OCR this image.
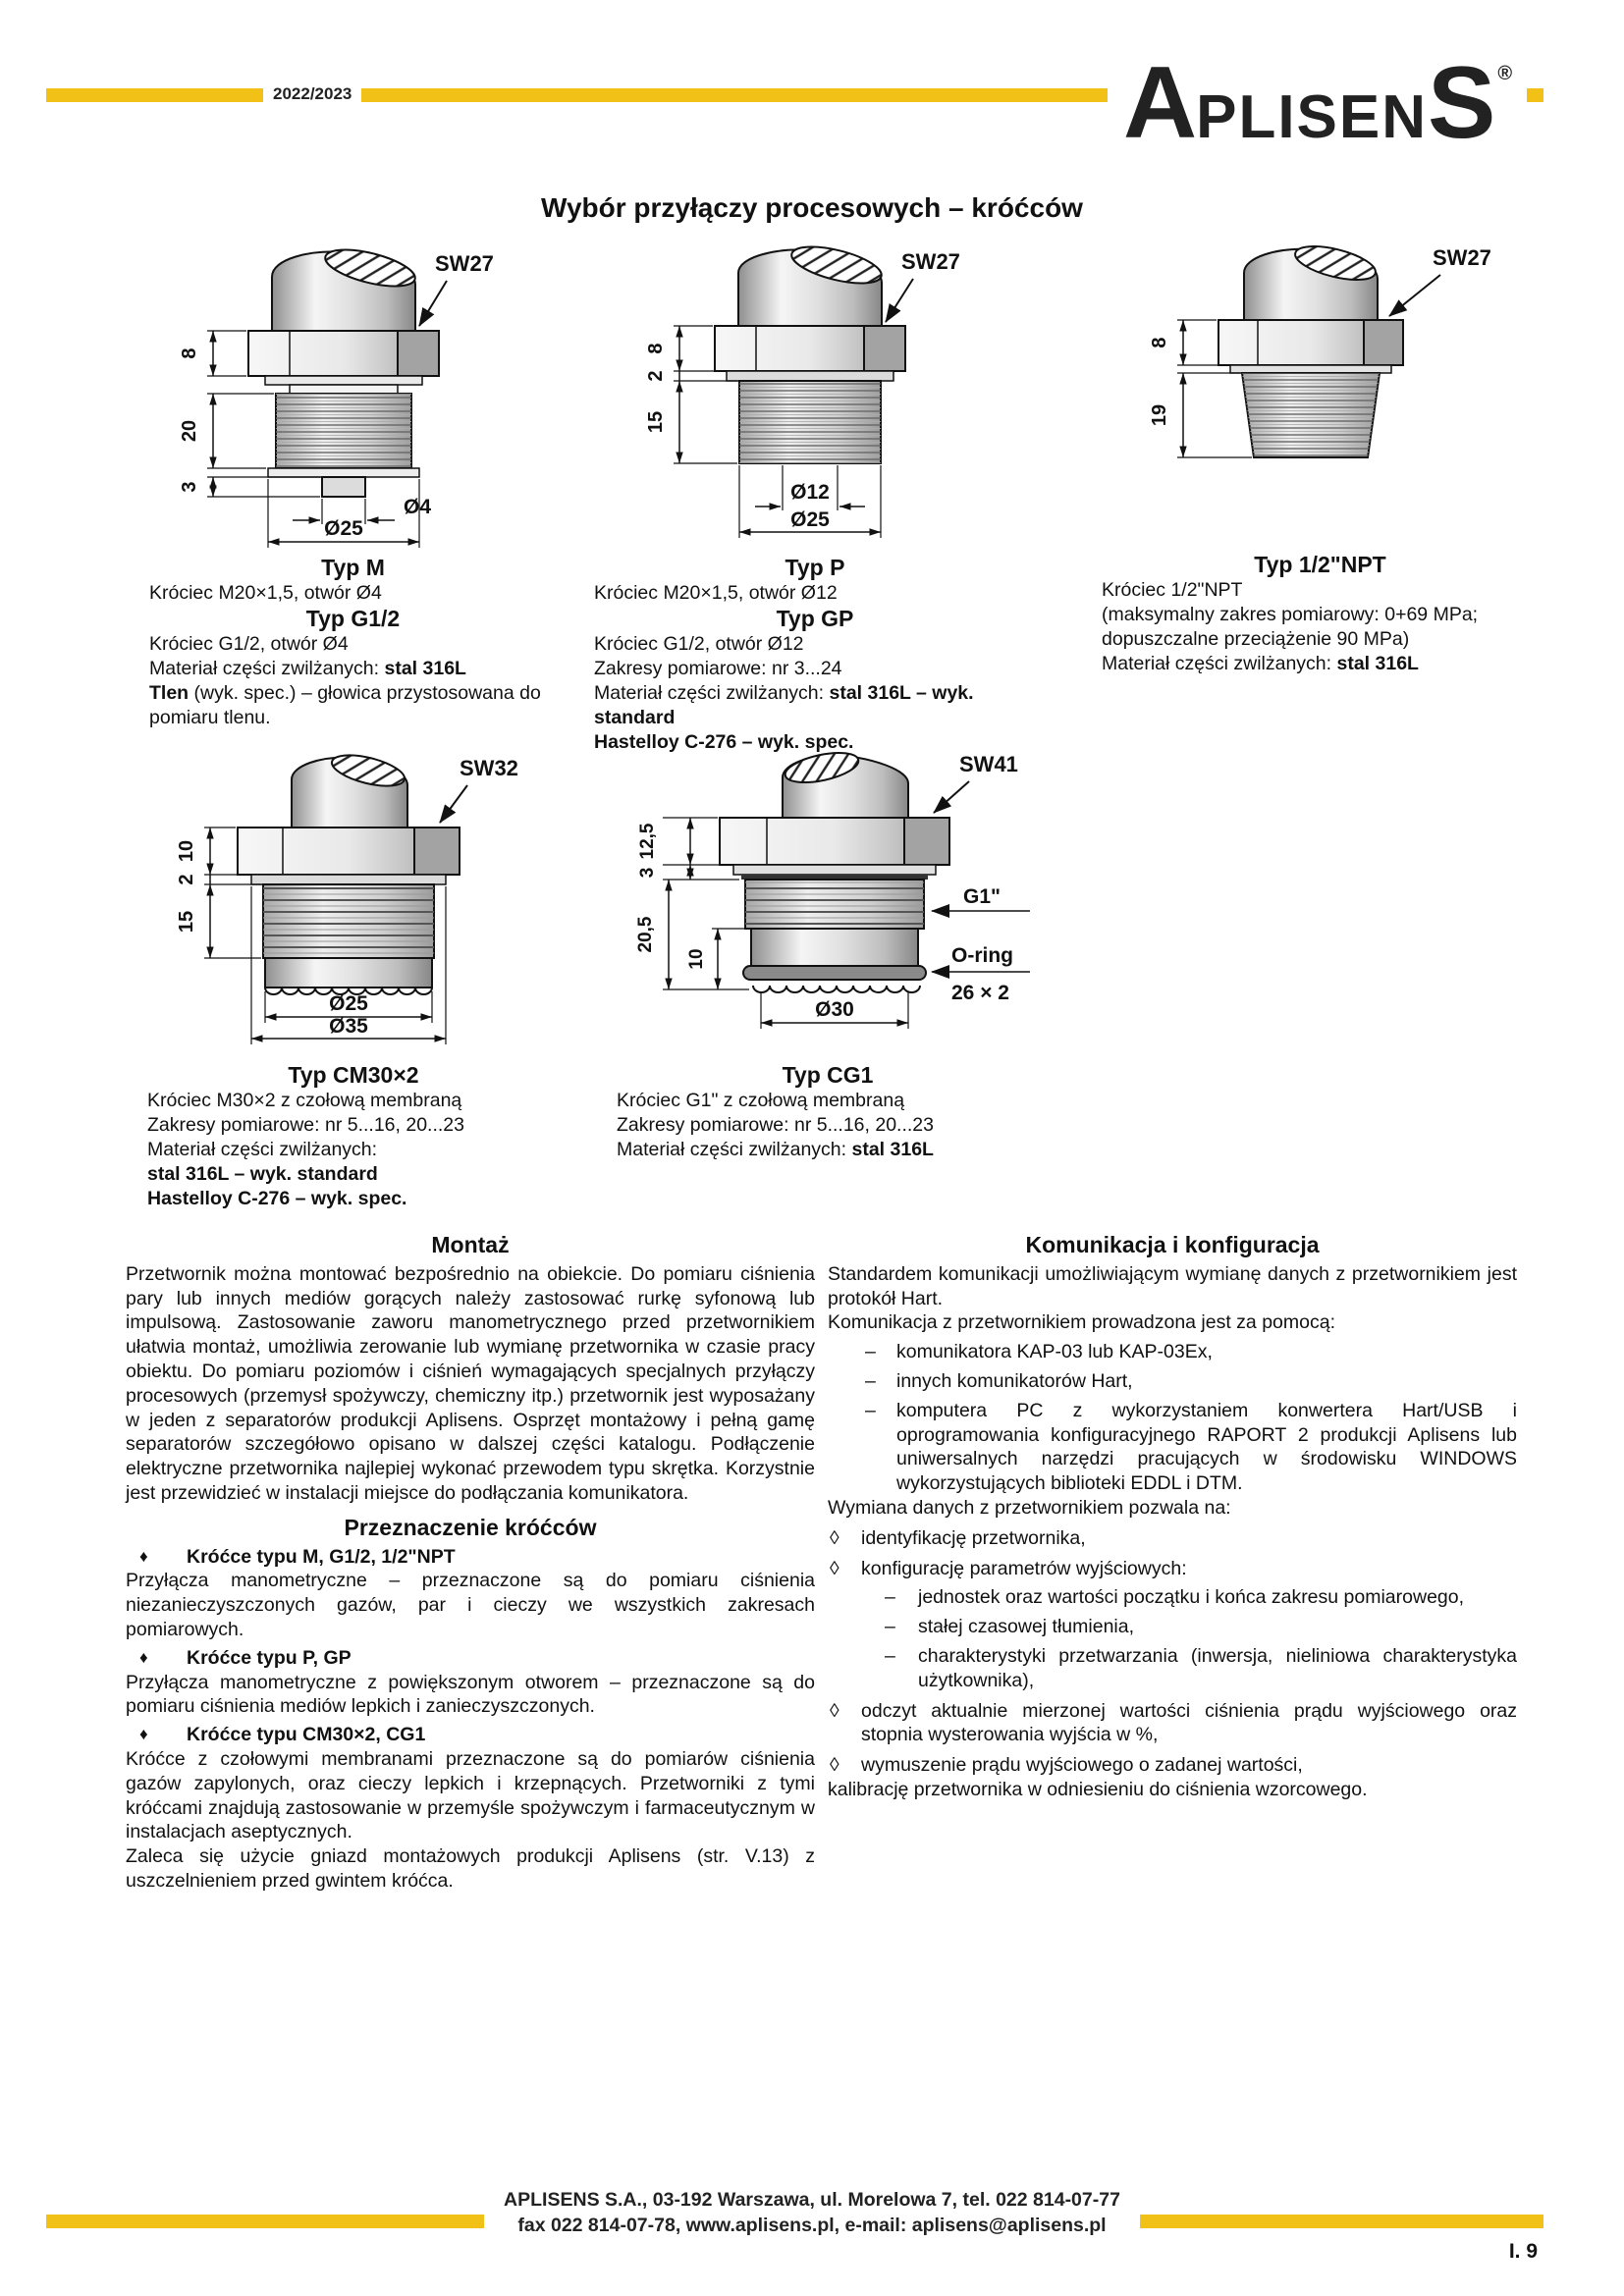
2022/2023	A PLISEN S ®
Wybór przyłączy procesowych – króćców
8
20
3
Ø4
Ø25
SW27
8
2
15
Ø12
Ø25
SW27
8
19
SW27
10
2
15
Ø25
Ø35
SW32
12,5
3
20,5
10
Ø30
G1"
O-ring
26 × 2
SW41
Typ M
Króciec M20×1,5, otwór Ø4
Typ G1/2
Króciec G1/2, otwór Ø4
Materiał części zwilżanych: stal 316L
Tlen (wyk. spec.) – głowica przystosowana do pomiaru tlenu.
Typ P
Króciec M20×1,5, otwór Ø12
Typ GP
Króciec G1/2, otwór Ø12
Zakresy pomiarowe: nr 3...24
Materiał części zwilżanych: stal 316L – wyk. standard
Hastelloy C-276 – wyk. spec.
Typ 1/2"NPT
Króciec 1/2"NPT
(maksymalny zakres pomiarowy: 0+69 MPa;
dopuszczalne przeciążenie 90 MPa)
Materiał części zwilżanych: stal 316L
Typ CM30×2
Króciec M30×2 z czołową membraną
Zakresy pomiarowe: nr 5...16, 20...23
Materiał części zwilżanych:
stal 316L – wyk. standard
Hastelloy C-276 – wyk. spec.
Typ CG1
Króciec G1" z czołową membraną
Zakresy pomiarowe: nr 5...16, 20...23
Materiał części zwilżanych: stal 316L
Montaż

Przetwornik można montować bezpośrednio na obiekcie. Do pomiaru ciśnienia pary lub innych mediów gorących należy zastosować rurkę syfonową lub impulsową. Zastosowanie zaworu manometrycznego przed przetwornikiem ułatwia montaż, umożliwia zerowanie lub wymianę przetwornika w czasie pracy obiektu. Do pomiaru poziomów i ciśnień wymagających specjalnych przyłączy procesowych (przemysł spożywczy, chemiczny itp.) przetwornik jest wyposażany w jeden z separatorów produkcji Aplisens. Osprzęt montażowy i pełną gamę separatorów szczegółowo opisano w dalszej części katalogu. Podłączenie elektryczne przetwornika najlepiej wykonać przewodem typu skrętka. Korzystnie jest przewidzieć w instalacji miejsce do podłączania komunikatora.

Przeznaczenie króćców
♦ Króćce typu M, G1/2, 1/2"NPT

Przyłącza manometryczne – przeznaczone są do pomiaru ciśnienia niezanieczyszczonych gazów, par i cieczy we wszystkich zakresach pomiarowych.

♦ Króćce typu P, GP

Przyłącza manometryczne z powiększonym otworem – przeznaczone są do pomiaru ciśnienia mediów lepkich i zanieczyszczonych.

♦ Króćce typu CM30×2, CG1

Króćce z czołowymi membranami przeznaczone są do pomiarów ciśnienia gazów zapylonych, oraz cieczy lepkich i krzepnących. Przetworniki z tymi króćcami znajdują zastosowanie w przemyśle spożywczym i farmaceutycznym w instalacjach aseptycznych.

Zaleca się użycie gniazd montażowych produkcji Aplisens (str. V.13) z uszczelnieniem przed gwintem króćca.

Komunikacja i konfiguracja

Standardem komunikacji umożliwiającym wymianę danych z przetwornikiem jest protokół Hart.

Komunikacja z przetwornikiem prowadzona jest za pomocą:

– komunikatora KAP-03 lub KAP-03Ex,
– innych komunikatorów Hart,
– komputera PC z wykorzystaniem konwertera Hart/USB i oprogramowania konfiguracyjnego RAPORT 2 produkcji Aplisens lub uniwersalnych narzędzi pracujących w środowisku WINDOWS wykorzystujących biblioteki EDDL i DTM.

Wymiana danych z przetwornikiem pozwala na:

◊ identyfikację przetwornika,
◊ konfigurację parametrów wyjściowych:
– jednostek oraz wartości początku i końca zakresu pomiarowego,
– stałej czasowej tłumienia,
– charakterystyki przetwarzania (inwersja, nieliniowa charakterystyka użytkownika),
◊ odczyt aktualnie mierzonej wartości ciśnienia prądu wyjściowego oraz stopnia wysterowania wyjścia w %,
◊ wymuszenie prądu wyjściowego o zadanej wartości,

kalibrację przetwornika w odniesieniu do ciśnienia wzorcowego.

APLISENS S.A., 03-192 Warszawa, ul. Morelowa 7, tel. 022 814-07-77
fax 022 814-07-78, www.aplisens.pl, e-mail: aplisens@aplisens.pl
I. 9
